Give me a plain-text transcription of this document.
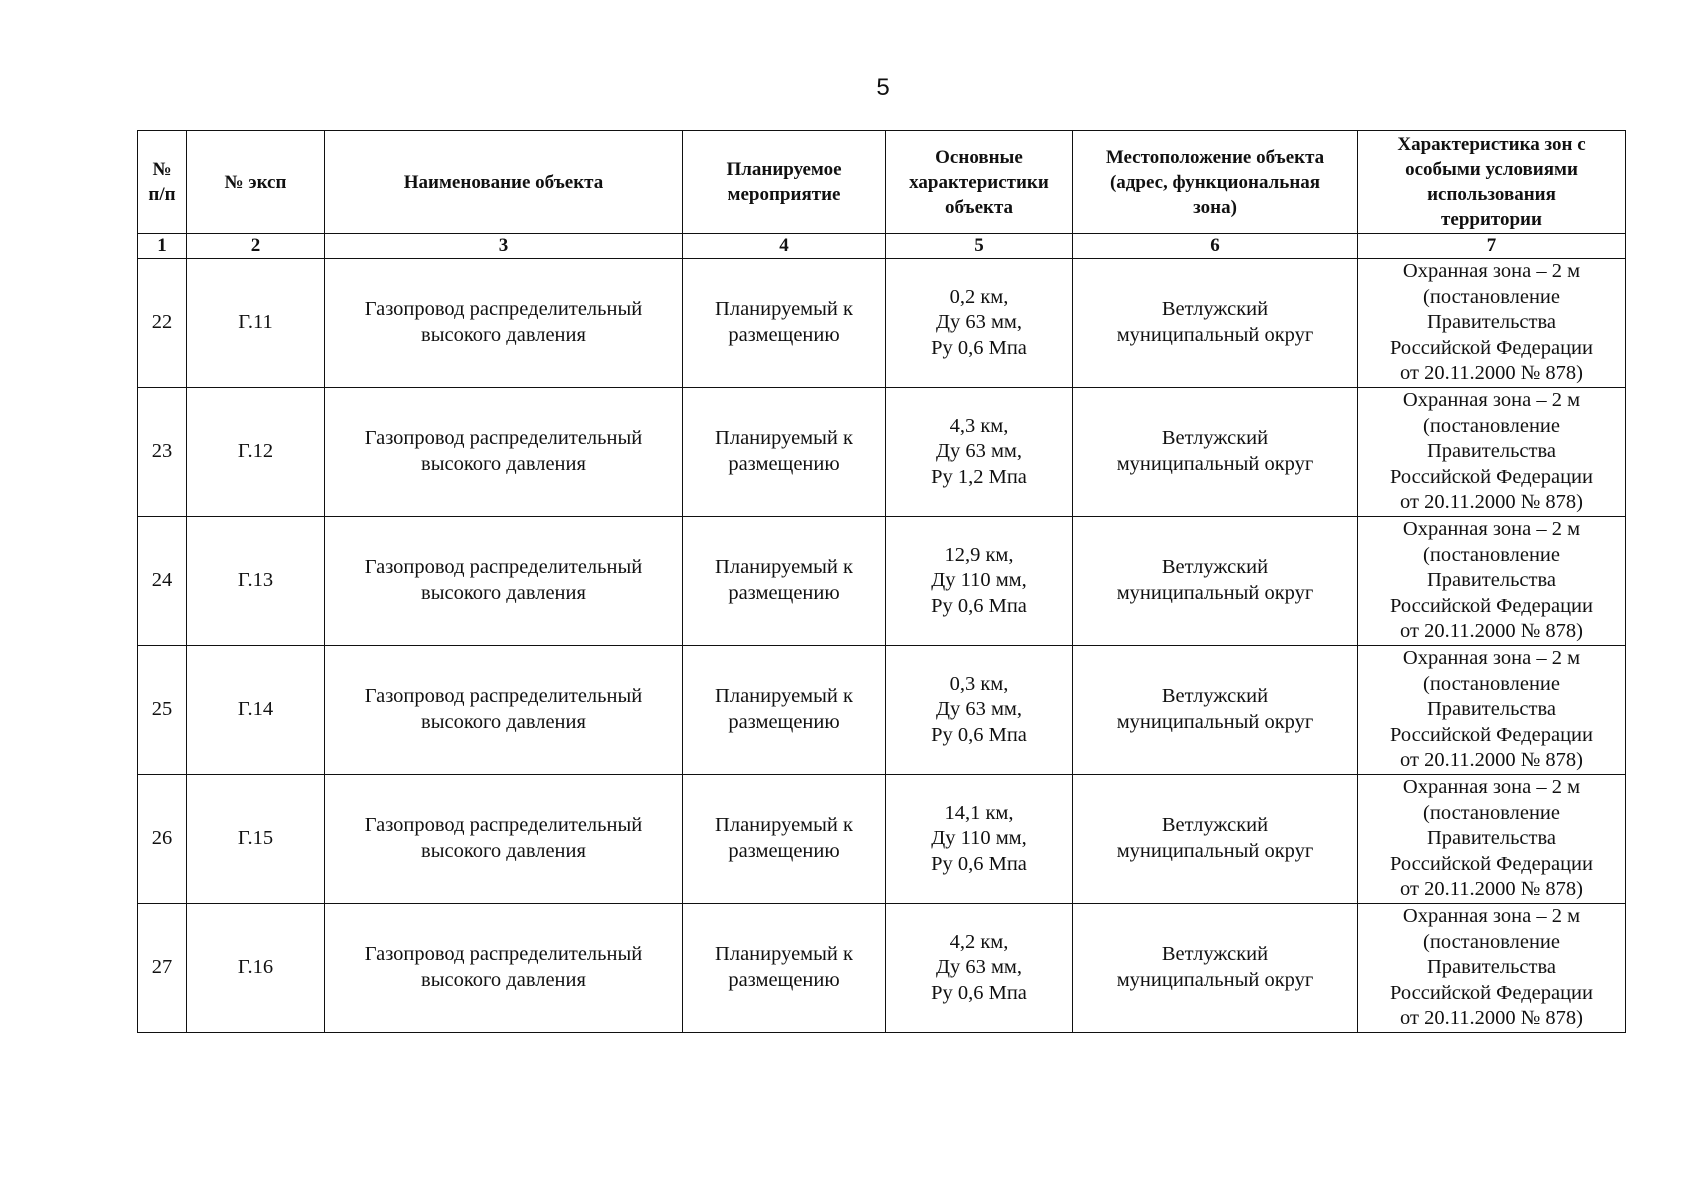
5
№
п/п	№ эксп	Наименование объекта	Планируемое
мероприятие	Основные
характеристики
объекта	Местоположение объекта
(адрес, функциональная
зона)	Характеристика зон с
особыми условиями
использования
территории

1	2	3	4	5	6	7

22	Г.11	Газопровод распределительный
высокого давления	Планируемый к
размещению	0,2 км,
Ду 63 мм,
Ру 0,6 Мпа	Ветлужский
муниципальный округ	Охранная зона – 2 м
(постановление
Правительства
Российской Федерации
от 20.11.2000 № 878)

23	Г.12	Газопровод распределительный
высокого давления	Планируемый к
размещению	4,3 км,
Ду 63 мм,
Ру 1,2 Мпа	Ветлужский
муниципальный округ	Охранная зона – 2 м
(постановление
Правительства
Российской Федерации
от 20.11.2000 № 878)

24	Г.13	Газопровод распределительный
высокого давления	Планируемый к
размещению	12,9 км,
Ду 110 мм,
Ру 0,6 Мпа	Ветлужский
муниципальный округ	Охранная зона – 2 м
(постановление
Правительства
Российской Федерации
от 20.11.2000 № 878)

25	Г.14	Газопровод распределительный
высокого давления	Планируемый к
размещению	0,3 км,
Ду 63 мм,
Ру 0,6 Мпа	Ветлужский
муниципальный округ	Охранная зона – 2 м
(постановление
Правительства
Российской Федерации
от 20.11.2000 № 878)

26	Г.15	Газопровод распределительный
высокого давления	Планируемый к
размещению	14,1 км,
Ду 110 мм,
Ру 0,6 Мпа	Ветлужский
муниципальный округ	Охранная зона – 2 м
(постановление
Правительства
Российской Федерации
от 20.11.2000 № 878)

27	Г.16	Газопровод распределительный
высокого давления	Планируемый к
размещению	4,2 км,
Ду 63 мм,
Ру 0,6 Мпа	Ветлужский
муниципальный округ	Охранная зона – 2 м
(постановление
Правительства
Российской Федерации
от 20.11.2000 № 878)
